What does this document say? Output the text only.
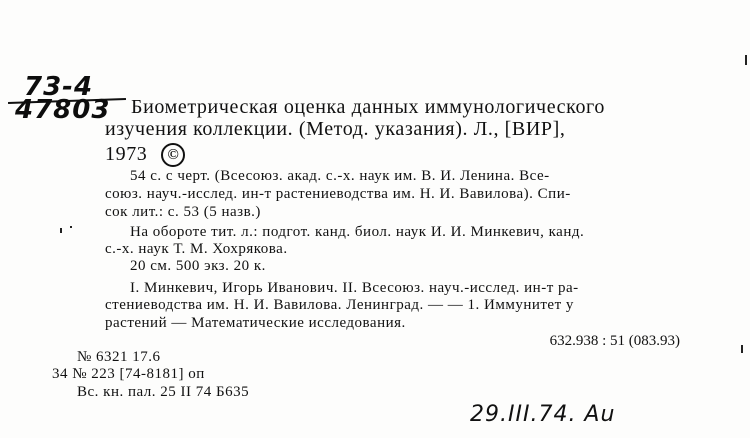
73-4
47803 Биометрическая оценка данных иммунологического
изучения коллекции. (Метод. указания). Л., [ВИР],
1973 ©
54 с. с черт. (Всесоюз. акад. с.-х. наук им. В. И. Ленина. Все-
союз. науч.-исслед. ин-т растениеводства им. Н. И. Вавилова). Спи-
сок лит.: с. 53 (5 назв.)
На обороте тит. л.: подгот. канд. биол. наук И. И. Минкевич, канд.
с.-х. наук Т. М. Хохрякова.
20 см. 500 экз. 20 к.
I. Минкевич, Игорь Иванович. II. Всесоюз. науч.-исслед. ин-т ра-
стениеводства им. Н. И. Вавилова. Ленинград. — — 1. Иммунитет у
растений — Математические исследования.
632.938 : 51 (083.93)
№ 6321 17.6
34 № 223 [74-8181] оп
Вс. кн. пал. 25 II 74 Б635
29.III.74. Au
